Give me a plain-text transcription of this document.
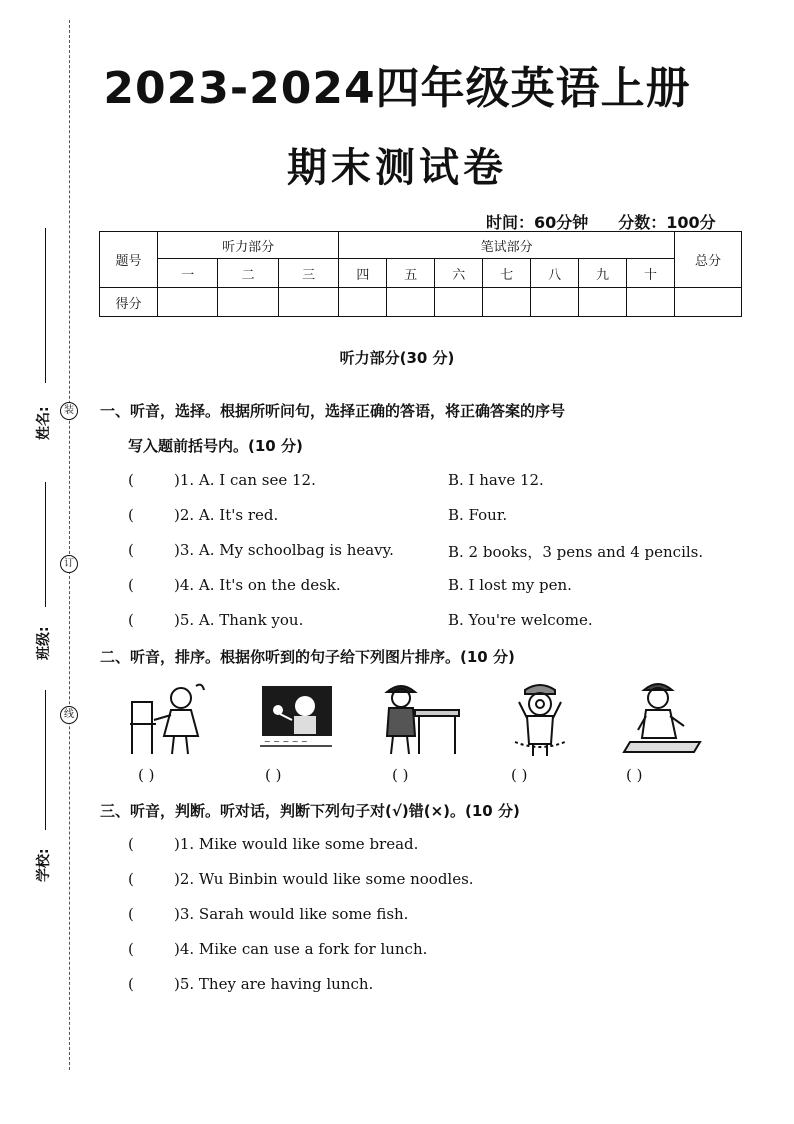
装
订
线
姓名:
班级:
学校:
2023-2024四年级英语上册
期末测试卷
时间：60分钟 分数：100分
题号	听力部分			笔试部分							总分
	一	二	三	四	五	六	七	八	九	十	
得分											
听力部分(30 分)
一、听音，选择。根据所听问句，选择正确的答语，将正确答案的序号
写入题前括号内。(10 分)
(	)1. A. I can see 12.	B. I have 12.
(	)2. A. It's red.	B. Four.
(	)3. A. My schoolbag is heavy.	B. 2 books，3 pens and 4 pencils.
(	)4. A. It's on the desk.	B. I lost my pen.
(	)5. A. Thank you.	B. You're welcome.
二、听音，排序。根据你听到的句子给下列图片排序。(10 分)
~ ~ ~ ~ ~
( )	( )	( )	( )	( )
三、听音，判断。听对话，判断下列句子对(√)错(×)。(10 分)
(	)1. Mike would like some bread.
(	)2. Wu Binbin would like some noodles.
(	)3. Sarah would like some fish.
(	)4. Mike can use a fork for lunch.
(	)5. They are having lunch.
